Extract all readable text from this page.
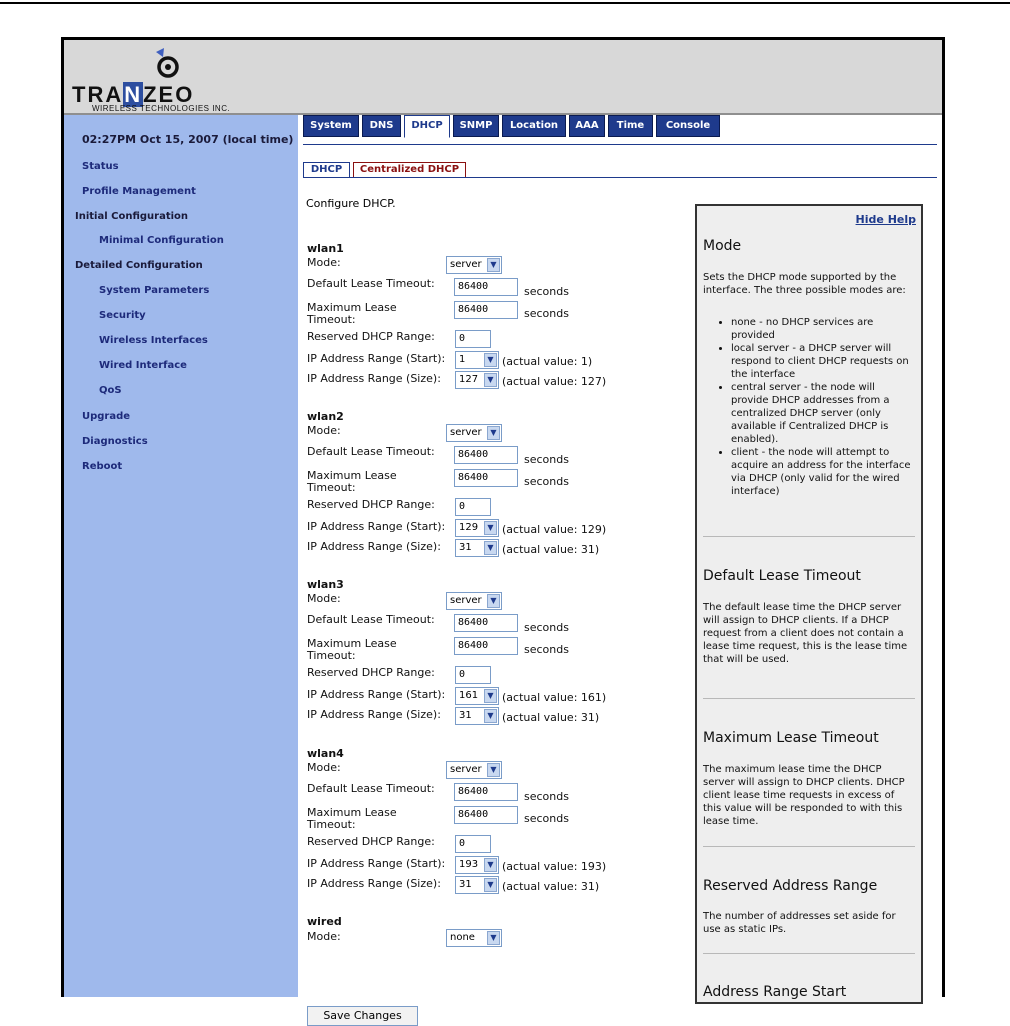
TRANZEO
WIRELESS TECHNOLOGIES INC.
02:27PM Oct 15, 2007 (local time)
Status
Profile Management
Initial Configuration
Minimal Configuration
Detailed Configuration
System Parameters
Security
Wireless Interfaces
Wired Interface
QoS
Upgrade
Diagnostics
Reboot
System	DNS	DHCP	SNMP	Location	AAA	Time	Console
DHCP	Centralized DHCP
Configure DHCP.
wlan1
Mode:	server	▼
Default Lease Timeout:	86400	seconds
Maximum Lease Timeout:
86400	seconds
Reserved DHCP Range:	0
IP Address Range (Start):	1	▼ (actual value: 1)
IP Address Range (Size):	127	▼ (actual value: 127)
wlan2
Mode:	server	▼
Default Lease Timeout:	86400	seconds
Maximum Lease Timeout:
86400	seconds
Reserved DHCP Range:	0
IP Address Range (Start):	129	▼ (actual value: 129)
IP Address Range (Size):	31	▼ (actual value: 31)
wlan3
Mode:	server	▼
Default Lease Timeout:	86400	seconds
Maximum Lease Timeout:
86400	seconds
Reserved DHCP Range:	0
IP Address Range (Start):	161	▼ (actual value: 161)
IP Address Range (Size):	31	▼ (actual value: 31)
wlan4
Mode:	server	▼
Default Lease Timeout:	86400	seconds
Maximum Lease Timeout:
86400	seconds
Reserved DHCP Range:	0
IP Address Range (Start):	193	▼ (actual value: 193)
IP Address Range (Size):	31	▼ (actual value: 31)
wired
Mode:	none	▼
Save Changes
Hide Help
Mode
Sets the DHCP mode supported by the interface. The three possible modes are:
• none - no DHCP services are provided
• local server - a DHCP server will respond to client DHCP requests on the interface
• central server - the node will provide DHCP addresses from a centralized DHCP server (only available if Centralized DHCP is enabled).
• client - the node will attempt to acquire an address for the interface via DHCP (only valid for the wired interface)
Default Lease Timeout
The default lease time the DHCP server will assign to DHCP clients. If a DHCP request from a client does not contain a lease time request, this is the lease time that will be used.
Maximum Lease Timeout
The maximum lease time the DHCP server will assign to DHCP clients. DHCP client lease time requests in excess of this value will be responded to with this lease time.
Reserved Address Range
The number of addresses set aside for use as static IPs.
Address Range Start
